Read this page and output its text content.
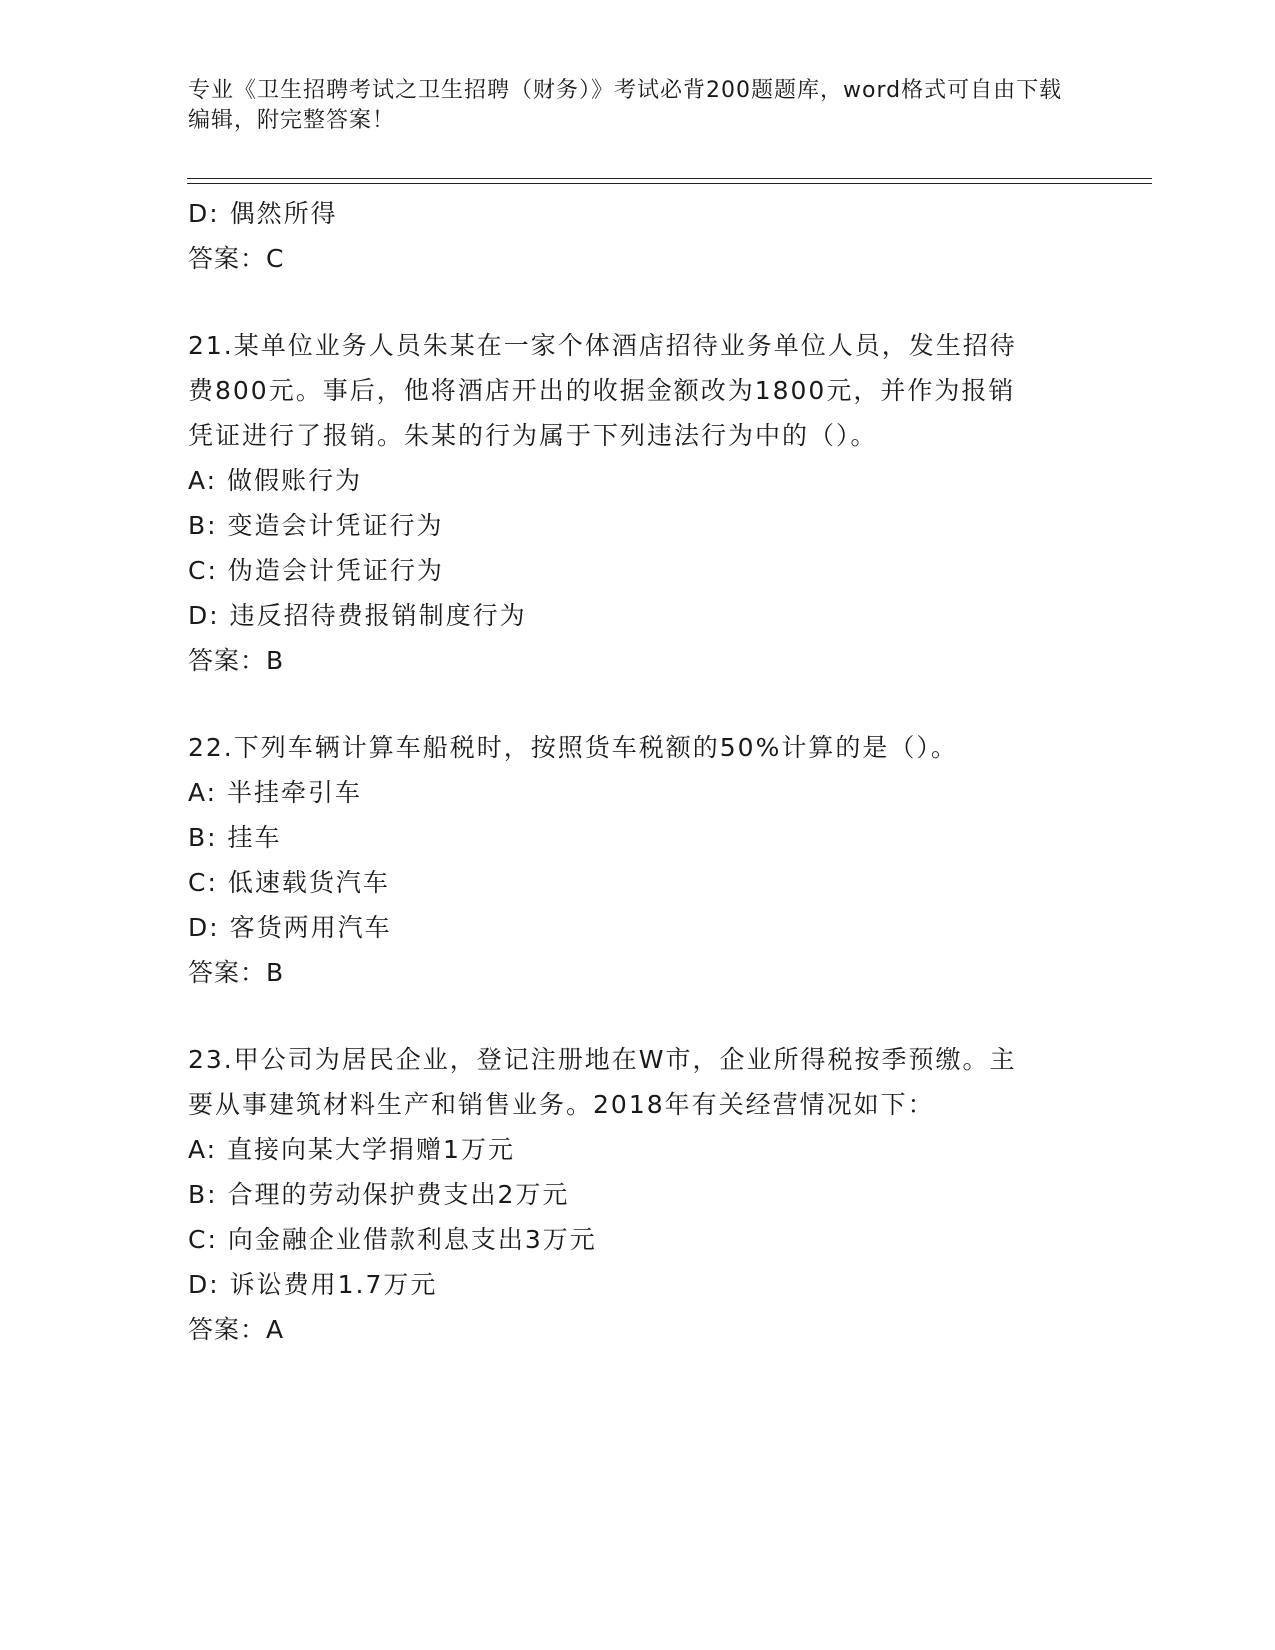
专业《卫生招聘考试之卫生招聘（财务）》考试必背200题题库，word格式可自由下载编辑，附完整答案！
D: 偶然所得
答案：C
21.某单位业务人员朱某在一家个体酒店招待业务单位人员，发生招待
费800元。事后，他将酒店开出的收据金额改为1800元，并作为报销
凭证进行了报销。朱某的行为属于下列违法行为中的（）。
A: 做假账行为
B: 变造会计凭证行为
C: 伪造会计凭证行为
D: 违反招待费报销制度行为
答案：B
22.下列车辆计算车船税时，按照货车税额的50%计算的是（）。
A: 半挂牵引车
B: 挂车
C: 低速载货汽车
D: 客货两用汽车
答案：B
23.甲公司为居民企业，登记注册地在W市，企业所得税按季预缴。主
要从事建筑材料生产和销售业务。2018年有关经营情况如下：
A: 直接向某大学捐赠1万元
B: 合理的劳动保护费支出2万元
C: 向金融企业借款利息支出3万元
D: 诉讼费用1.7万元
答案：A
